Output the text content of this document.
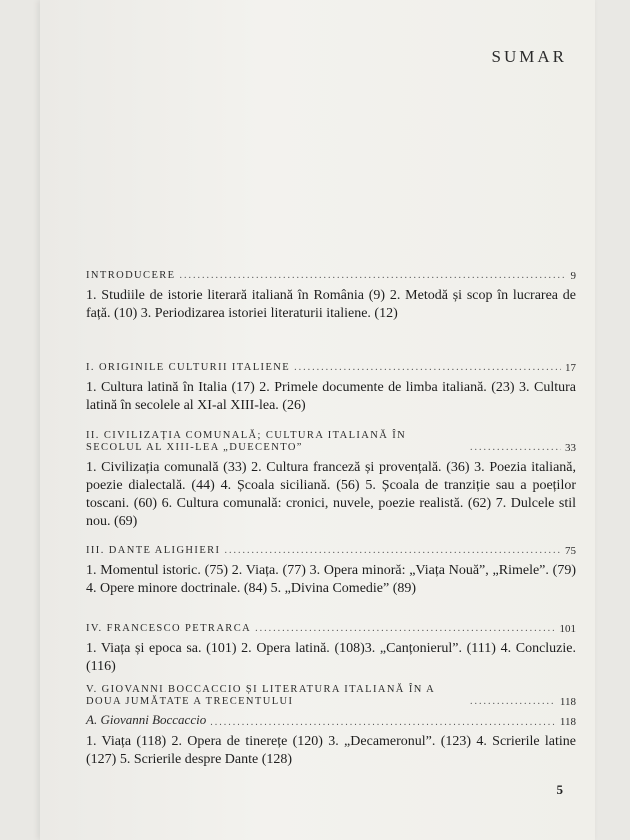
SUMAR
INTRODUCERE .....	9
1. Studiile de istorie literară italiană în România (9) 2. Metodă și scop în lucrarea de față. (10) 3. Periodizarea istoriei literaturii italiene. (12)
I. ORIGINILE CULTURII ITALIENE .....	17
1. Cultura latină în Italia (17) 2. Primele documente de limba italiană. (23) 3. Cultura latină în secolele al XI-al XIII-lea. (26)
II. CIVILIZAȚIA COMUNALĂ; CULTURA ITALIANĂ ÎN SECOLUL AL XIII-LEA „DUECENTO” .....	33
1. Civilizația comunală (33) 2. Cultura franceză și provențală. (36) 3. Poezia italiană, poezie dialectală. (44) 4. Școala siciliană. (56) 5. Școala de tranziție sau a poeților toscani. (60) 6. Cultura comunală: cronici, nuvele, poezie realistă. (62) 7. Dulcele stil nou. (69)
III. DANTE ALIGHIERI .....	75
1. Momentul istoric. (75) 2. Viața. (77) 3. Opera minoră: „Viața Nouă”, „Rimele”. (79) 4. Opere minore doctrinale. (84) 5. „Divina Comedie” (89)
IV. FRANCESCO PETRARCA .....	101
1. Viața și epoca sa. (101) 2. Opera latină. (108)3. „Canțonierul”. (111) 4. Concluzie. (116)
V. GIOVANNI BOCCACCIO ȘI LITERATURA ITALIANĂ ÎN A DOUA JUMĂTATE A TRECENTULUI .....	118
A. Giovanni Boccaccio .....	118
1. Viața (118) 2. Opera de tinerețe (120) 3. „Decameronul”. (123) 4. Scrierile latine (127) 5. Scrierile despre Dante (128)
5
